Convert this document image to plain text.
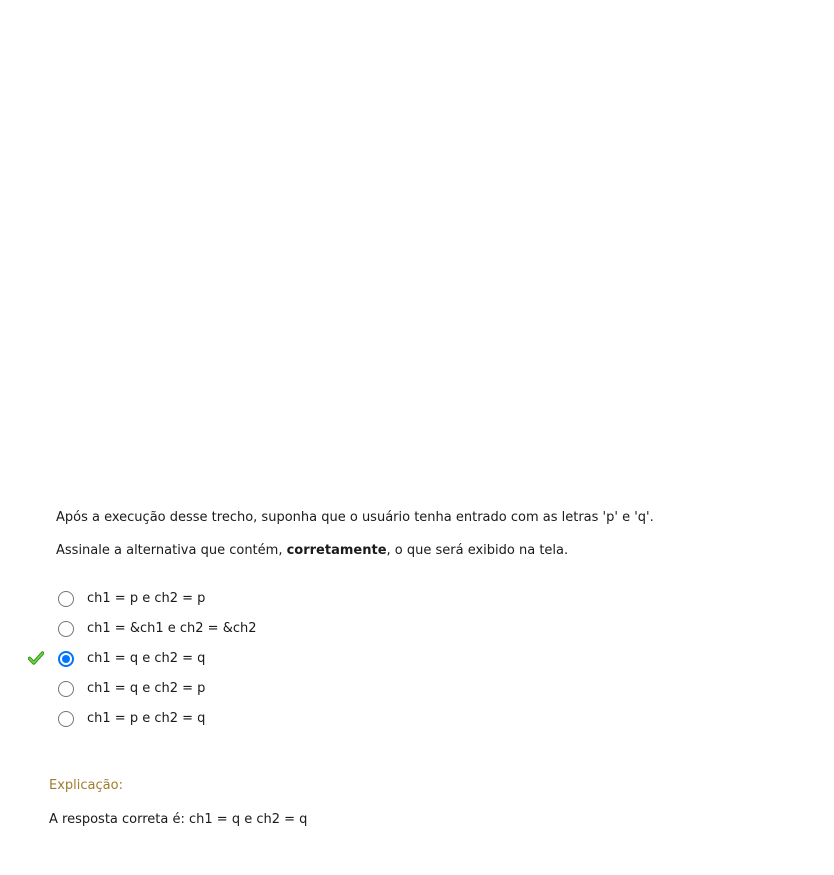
Após a execução desse trecho, suponha que o usuário tenha entrado com as letras 'p' e 'q'.

Assinale a alternativa que contém, corretamente, o que será exibido na tela.

ch1 = p e ch2 = p
ch1 = &ch1 e ch2 = &ch2
ch1 = q e ch2 = q
ch1 = q e ch2 = p
ch1 = p e ch2 = q

Explicação:

A resposta correta é: ch1 = q e ch2 = q
